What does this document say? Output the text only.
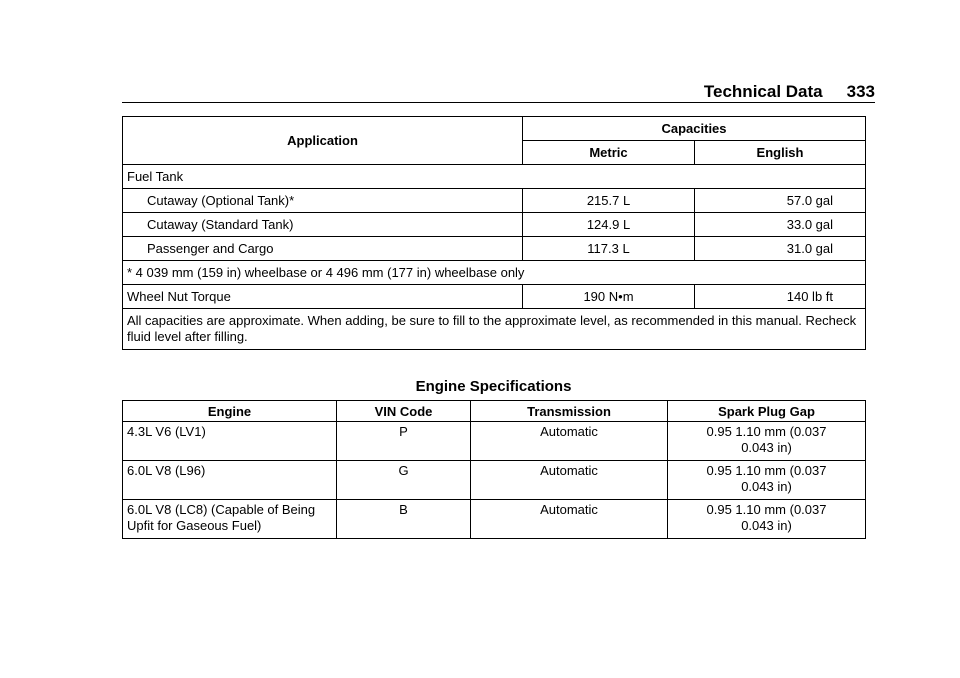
Technical Data 333
Application	Capacities	
	Metric	English
Fuel Tank		
Cutaway (Optional Tank)*	215.7 L	57.0 gal
Cutaway (Standard Tank)	124.9 L	33.0 gal
Passenger and Cargo	117.3 L	31.0 gal
* 4 039 mm (159 in) wheelbase or 4 496 mm (177 in) wheelbase only		
Wheel Nut Torque	190 N•m	140 lb ft
All capacities are approximate. When adding, be sure to fill to the approximate level, as recommended in this manual. Recheck fluid level after filling.		
Engine Specifications
Engine	VIN Code	Transmission	Spark Plug Gap
4.3L V6 (LV1)	P	Automatic	0.95 1.10 mm (0.037
0.043 in)

6.0L V8 (L96)	G	Automatic	0.95 1.10 mm (0.037
0.043 in)

6.0L V8 (LC8) (Capable of Being Upfit for Gaseous Fuel)	B	Automatic	0.95 1.10 mm (0.037
0.043 in)
